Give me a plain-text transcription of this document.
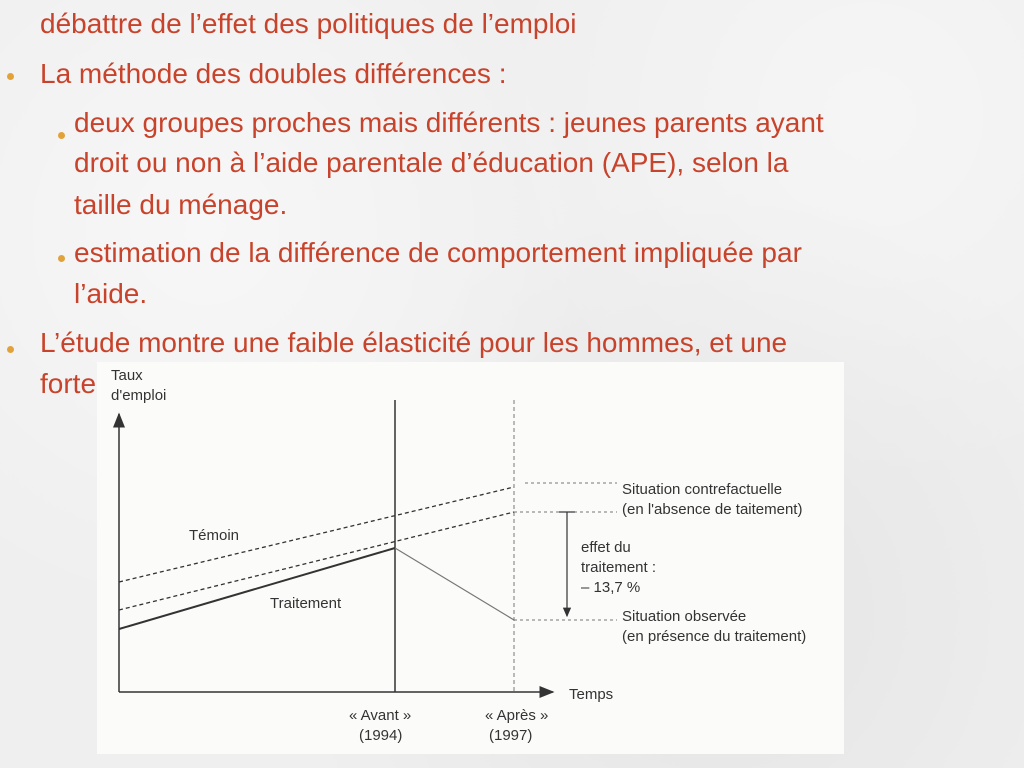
débattre de l’effet des politiques de l’emploi
La méthode des doubles différences :
deux groupes proches mais différents : jeunes parents ayant
droit ou non à l’aide parentale d’éducation (APE), selon la
taille du ménage.
estimation de la différence de comportement impliquée par
l’aide.
L’étude montre une faible élasticité pour les hommes, et une
forte Taux
d'emploi
Temps
Témoin
Traitement
Situation contrefactuelle
(en l'absence de taitement)
effet du
traitement :
– 13,7 %
Situation observée
(en présence du traitement)
« Avant »
(1994)
« Après »
(1997)
